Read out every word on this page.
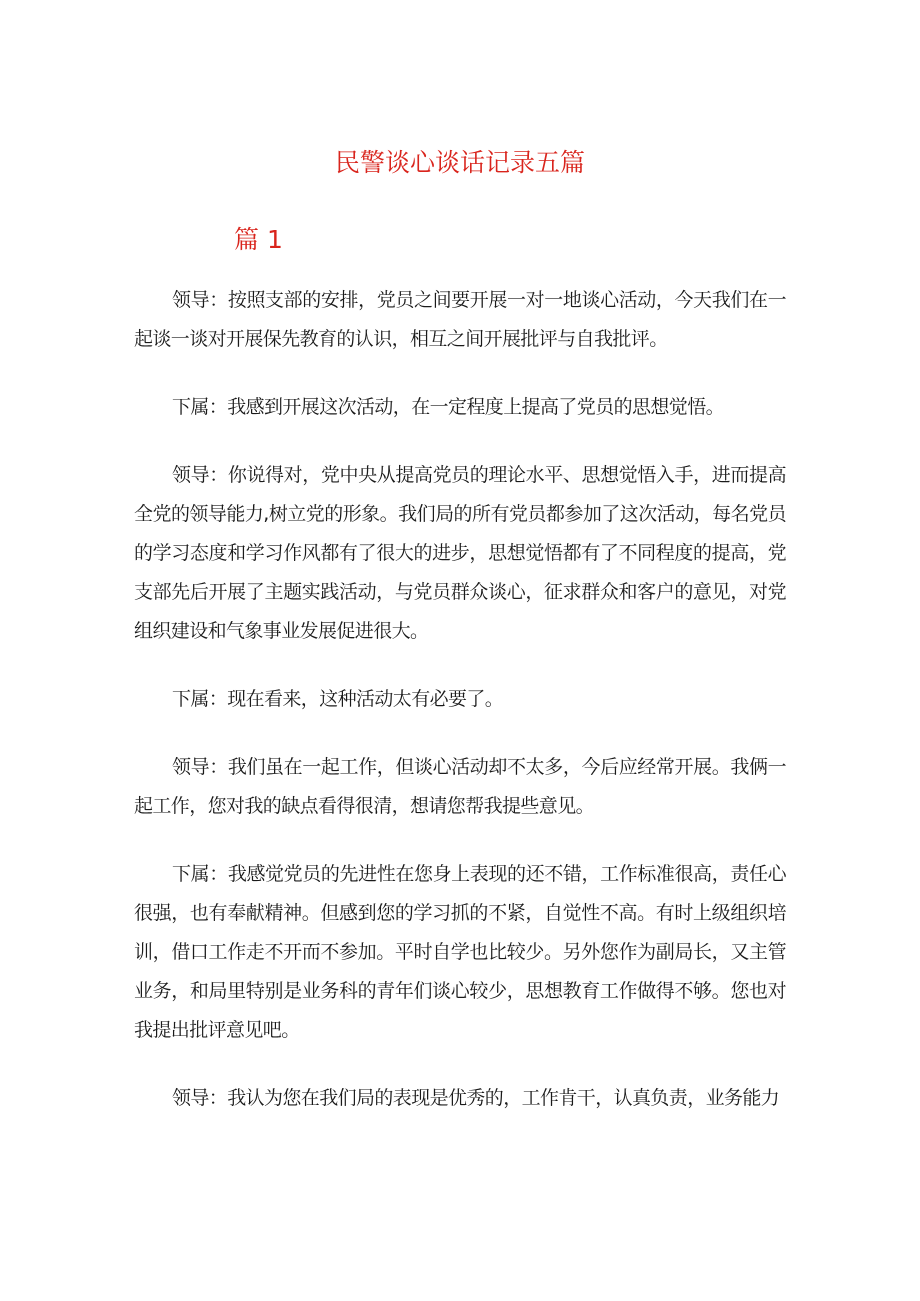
民警谈心谈话记录五篇
篇 1

领导：按照支部的安排，党员之间要开展一对一地谈心活动，今天我们在一起谈一谈对开展保先教育的认识，相互之间开展批评与自我批评。

下属：我感到开展这次活动，在一定程度上提高了党员的思想觉悟。

领导：你说得对，党中央从提高党员的理论水平、思想觉悟入手，进而提高全党的领导能力,树立党的形象。我们局的所有党员都参加了这次活动，每名党员的学习态度和学习作风都有了很大的进步，思想觉悟都有了不同程度的提高，党支部先后开展了主题实践活动，与党员群众谈心，征求群众和客户的意见，对党组织建设和气象事业发展促进很大。

下属：现在看来，这种活动太有必要了。

领导：我们虽在一起工作，但谈心活动却不太多，今后应经常开展。我俩一起工作，您对我的缺点看得很清，想请您帮我提些意见。

下属：我感觉党员的先进性在您身上表现的还不错，工作标准很高，责任心很强，也有奉献精神。但感到您的学习抓的不紧，自觉性不高。有时上级组织培训，借口工作走不开而不参加。平时自学也比较少。另外您作为副局长，又主管业务，和局里特别是业务科的青年们谈心较少，思想教育工作做得不够。您也对我提出批评意见吧。

领导：我认为您在我们局的表现是优秀的，工作肯干，认真负责，业务能力
